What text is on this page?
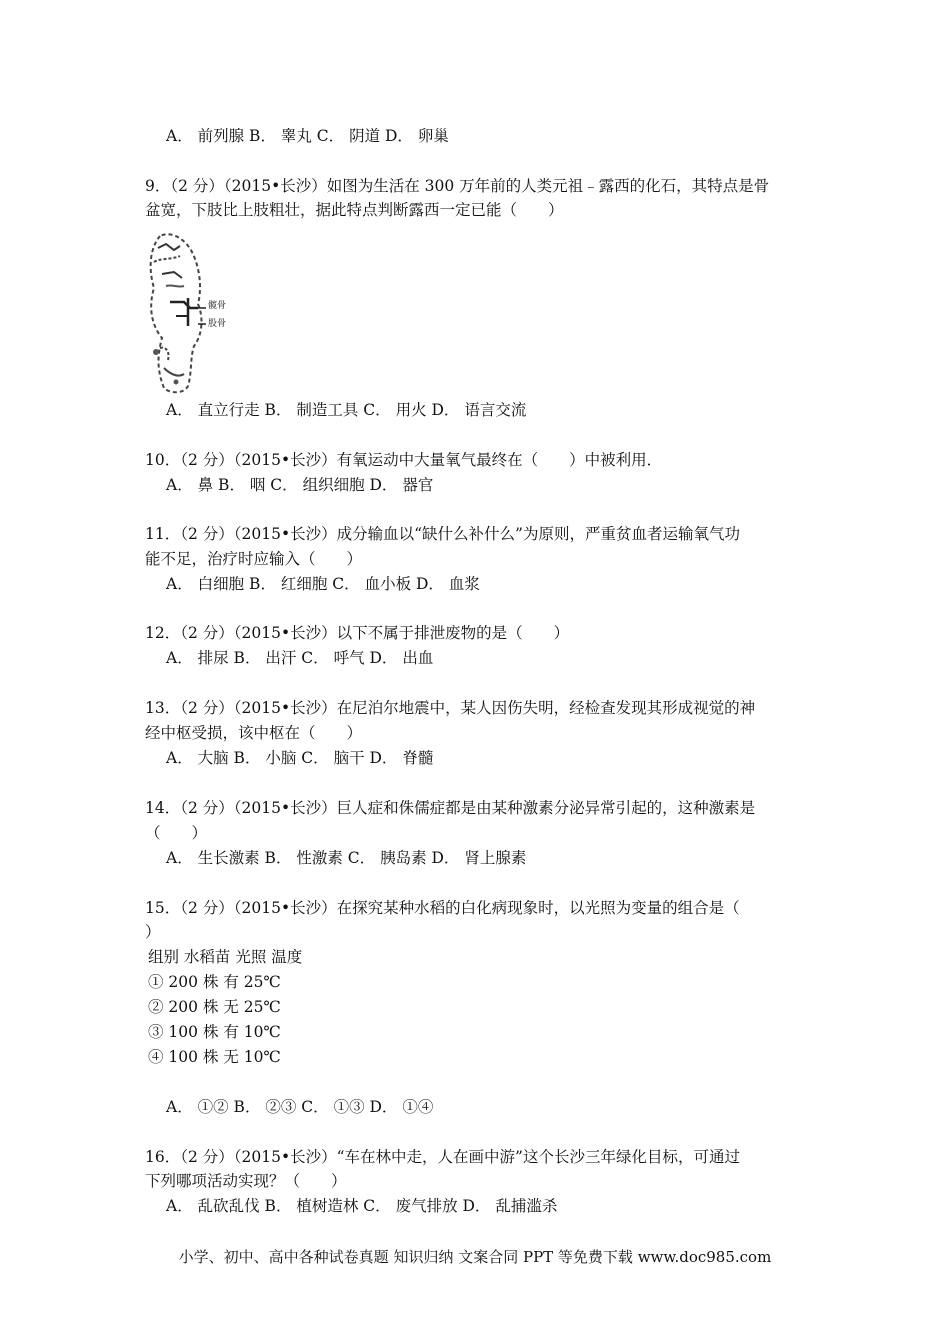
A． 前列腺 B． 睾丸 C． 阴道 D． 卵巢
9．（2 分）（2015•长沙）如图为生活在 300 万年前的人类元祖﹣露西的化石，其特点是骨
盆宽，下肢比上肢粗壮，据此特点判断露西一定已能（　　）
髋骨
股骨
A． 直立行走 B． 制造工具 C． 用火 D． 语言交流
10．（2 分）（2015•长沙）有氧运动中大量氧气最终在（　　）中被利用．
A． 鼻 B． 咽 C． 组织细胞 D． 器官
11．（2 分）（2015•长沙）成分输血以“缺什么补什么”为原则，严重贫血者运输氧气功
能不足，治疗时应输入（　　）
A． 白细胞 B． 红细胞 C． 血小板 D． 血浆
12．（2 分）（2015•长沙）以下不属于排泄废物的是（　　）
A． 排尿 B． 出汗 C． 呼气 D． 出血
13．（2 分）（2015•长沙）在尼泊尔地震中，某人因伤失明，经检查发现其形成视觉的神
经中枢受损，该中枢在（　　）
A． 大脑 B． 小脑 C． 脑干 D． 脊髓
14．（2 分）（2015•长沙）巨人症和侏儒症都是由某种激素分泌异常引起的，这种激素是
（　　）
A． 生长激素 B． 性激素 C． 胰岛素 D． 肾上腺素
15．（2 分）（2015•长沙）在探究某种水稻的白化病现象时，以光照为变量的组合是（
）
组别 水稻苗 光照 温度
① 200 株 有 25℃
② 200 株 无 25℃
③ 100 株 有 10℃
④ 100 株 无 10℃
A． ①② B． ②③ C． ①③ D． ①④
16．（2 分）（2015•长沙）“车在林中走，人在画中游”这个长沙三年绿化目标，可通过
下列哪项活动实现？（　　）
A． 乱砍乱伐 B． 植树造林 C． 废气排放 D． 乱捕滥杀
小学、初中、高中各种试卷真题 知识归纳 文案合同 PPT 等免费下载 www.doc985.com
